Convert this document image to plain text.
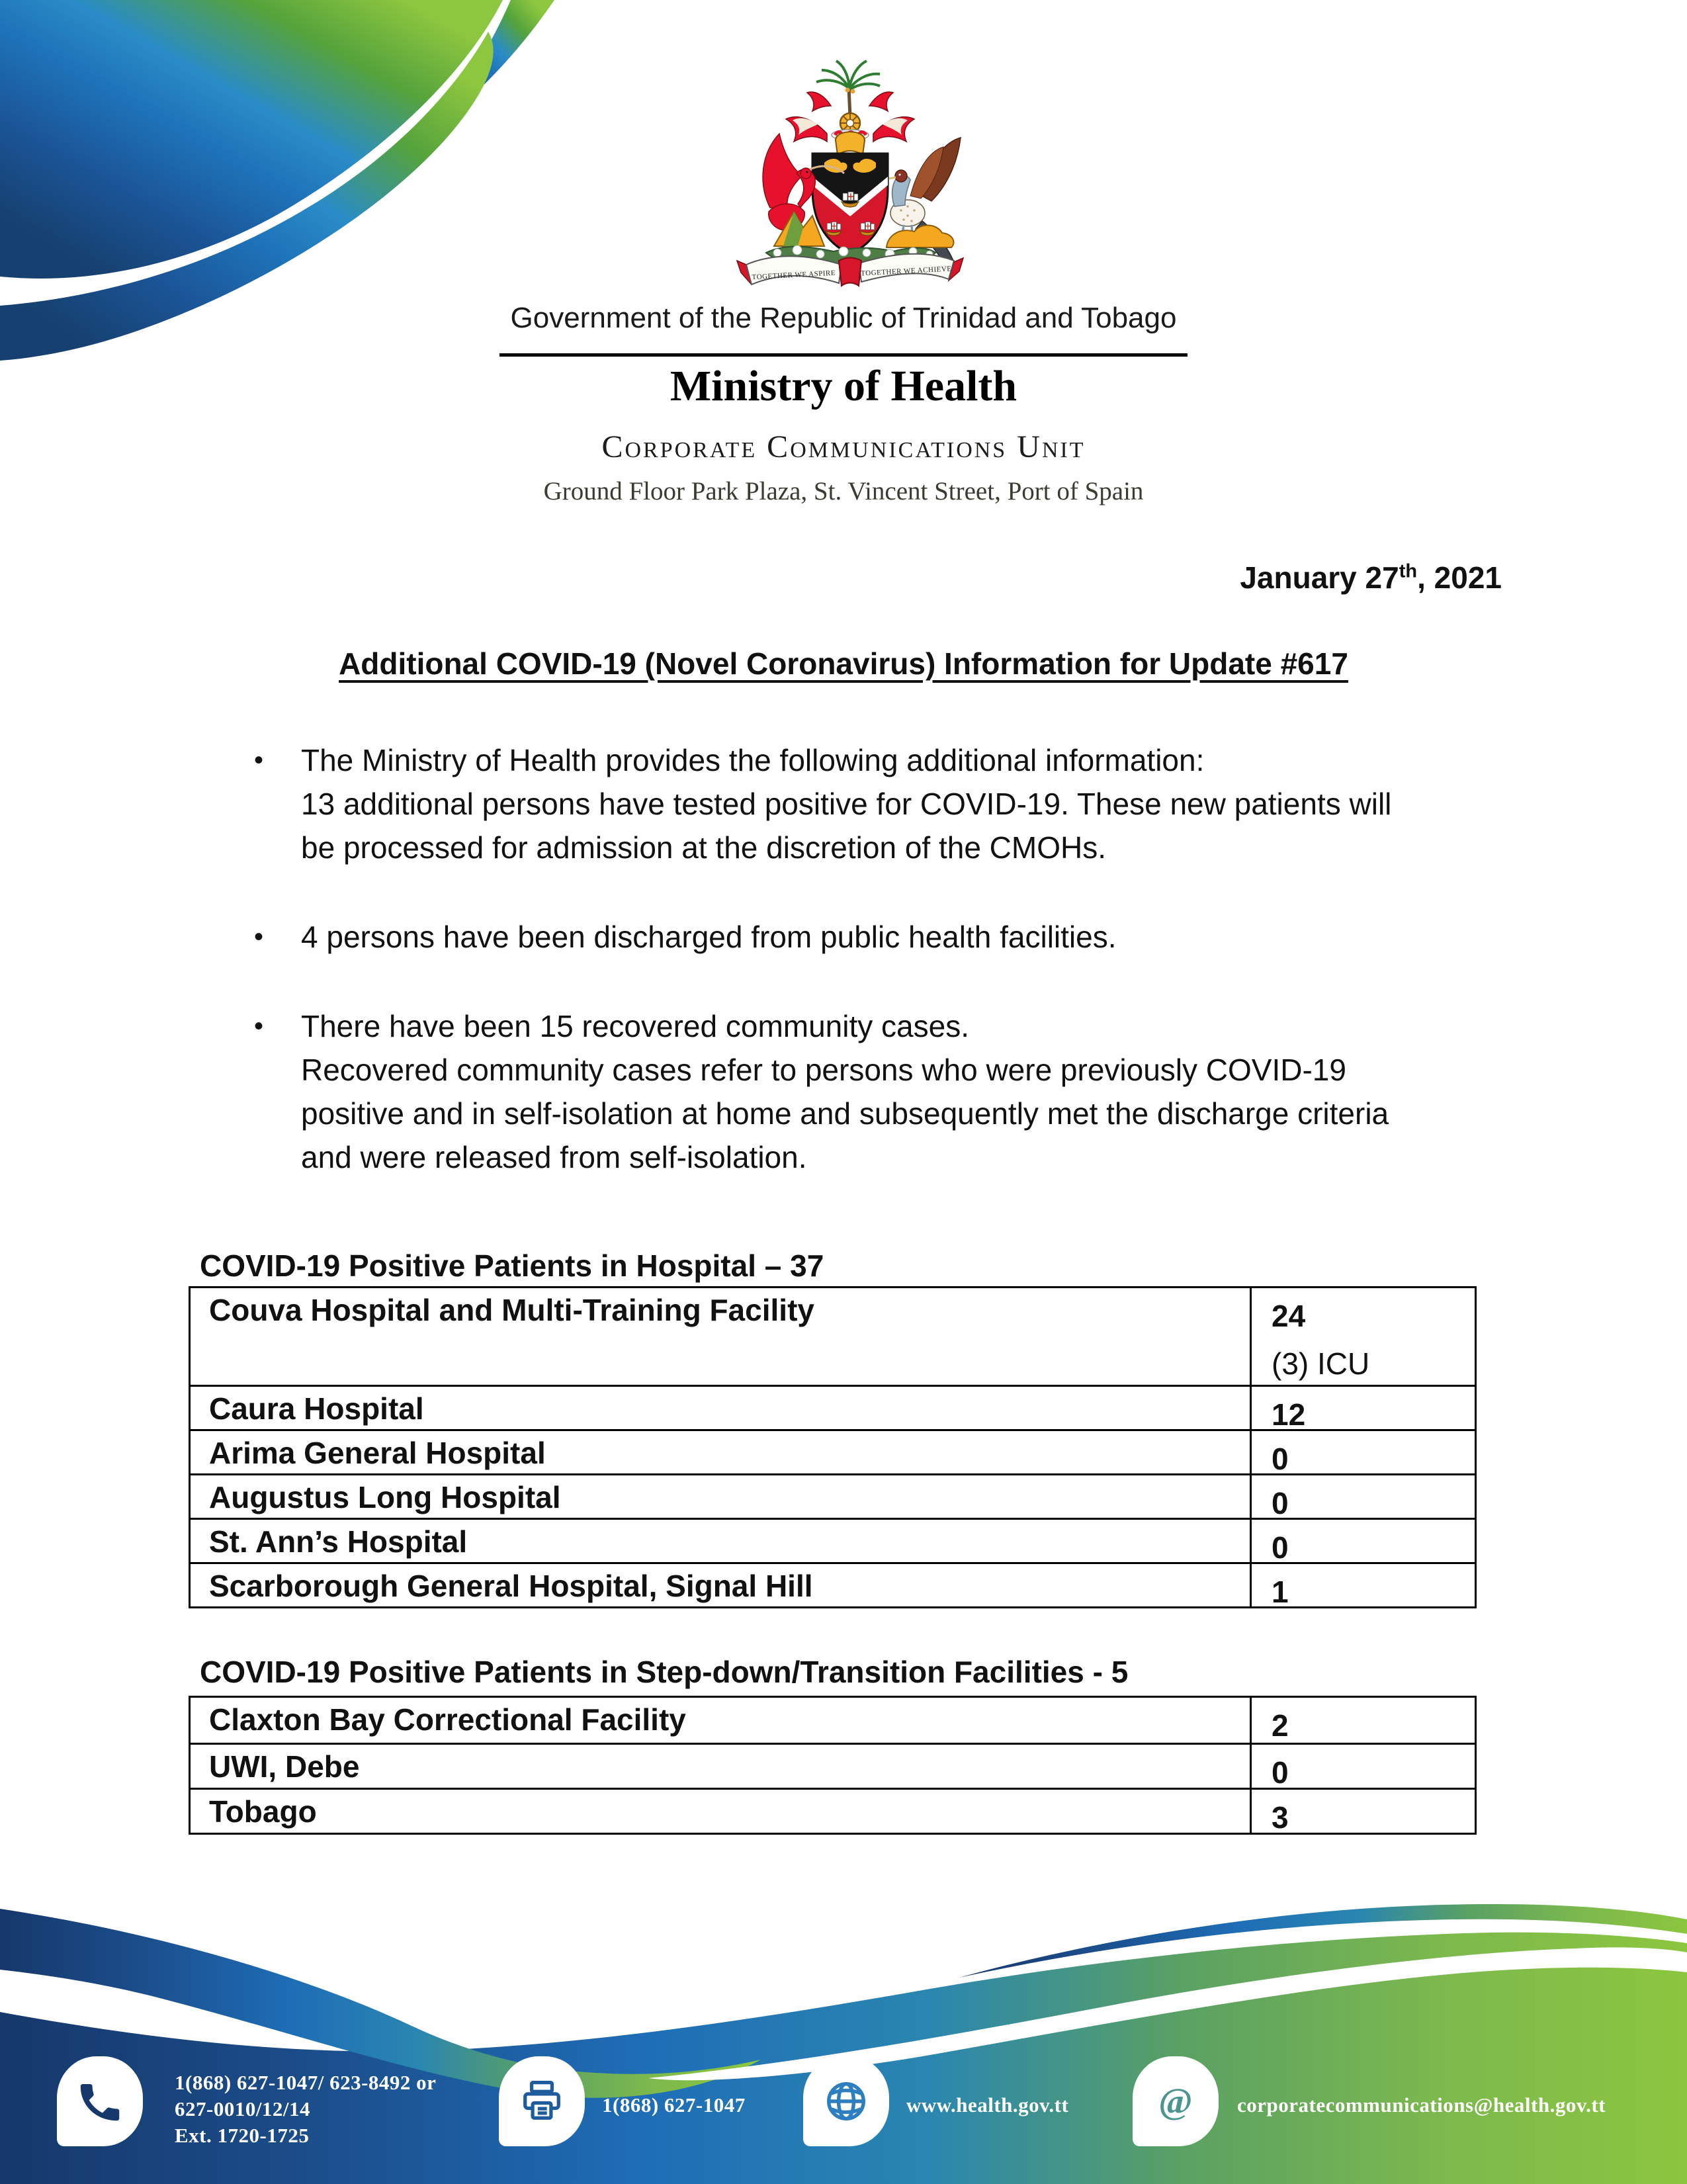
TOGETHER WE ASPIRE	TOGETHER WE ACHIEVE
Government of the Republic of Trinidad and Tobago
Ministry of Health
Corporate Communications Unit
Ground Floor Park Plaza, St. Vincent Street, Port of Spain
January 27th, 2021
Additional COVID-19 (Novel Coronavirus) Information for Update #617
•
The Ministry of Health provides the following additional information:
13 additional persons have tested positive for COVID-19. These new patients will
be processed for admission at the discretion of the CMOHs.
•
4 persons have been discharged from public health facilities.
•
There have been 15 recovered community cases.
Recovered community cases refer to persons who were previously COVID-19
positive and in self-isolation at home and subsequently met the discharge criteria
and were released from self-isolation.
COVID-19 Positive Patients in Hospital – 37
Couva Hospital and Multi-Training Facility	24
(3) ICU
Caura Hospital	12
Arima General Hospital	0
Augustus Long Hospital	0
St. Ann’s Hospital	0
Scarborough General Hospital, Signal Hill	1
COVID-19 Positive Patients in Step-down/Transition Facilities - 5
Claxton Bay Correctional Facility	2
UWI, Debe	0
Tobago	3
1(868) 627-1047/ 623-8492 or
627-0010/12/14
Ext. 1720-1725
1(868) 627-1047	www.health.gov.tt	@ corporatecommunications@health.gov.tt
